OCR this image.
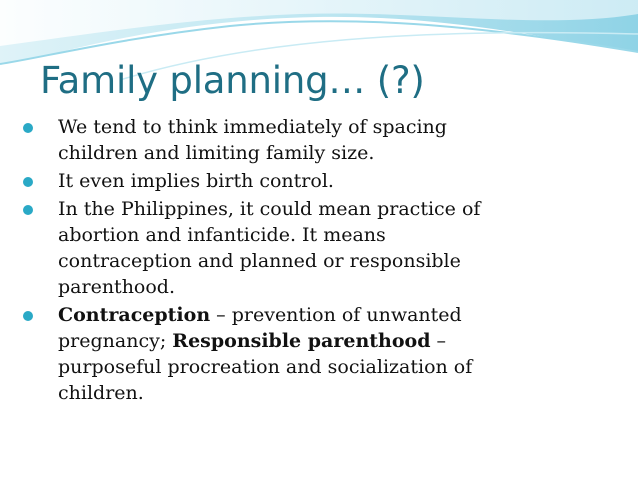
Family planning… (?)
We tend to think immediately of spacing children and limiting family size.
It even implies birth control.
In the Philippines, it could mean practice of abortion and infanticide. It means contraception and planned or responsible parenthood.
Contraception – prevention of unwanted pregnancy; Responsible parenthood – purposeful procreation and socialization of children.
